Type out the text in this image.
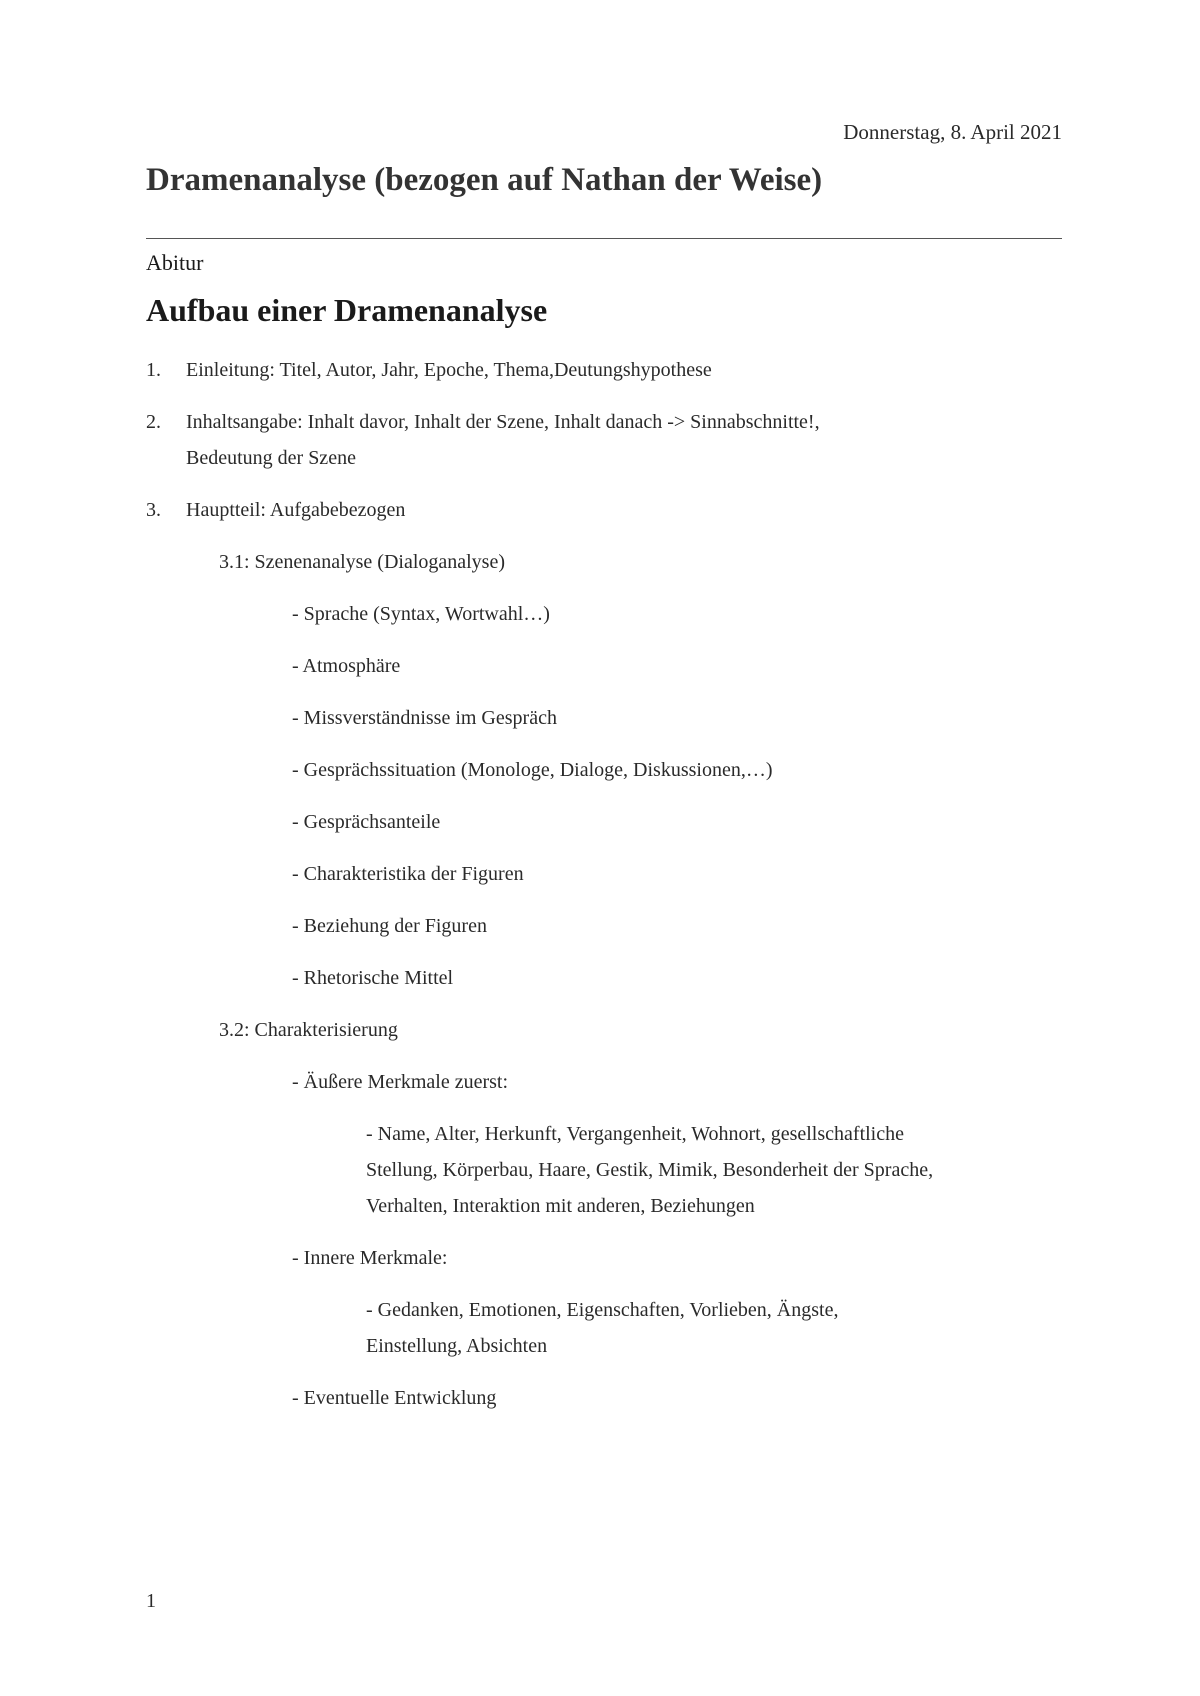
Donnerstag, 8. April 2021
Dramenanalyse (bezogen auf Nathan der Weise)
Abitur
Aufbau einer Dramenanalyse
1. Einleitung: Titel, Autor, Jahr, Epoche, Thema,Deutungshypothese
2. Inhaltsangabe: Inhalt davor, Inhalt der Szene, Inhalt danach -> Sinnabschnitte!,
Bedeutung der Szene
3. Hauptteil: Aufgabebezogen
3.1: Szenenanalyse (Dialoganalyse)
- Sprache (Syntax, Wortwahl…)
- Atmosphäre
- Missverständnisse im Gespräch
- Gesprächssituation (Monologe, Dialoge, Diskussionen,…)
- Gesprächsanteile
- Charakteristika der Figuren
- Beziehung der Figuren
- Rhetorische Mittel
3.2: Charakterisierung
- Äußere Merkmale zuerst:
- Name, Alter, Herkunft, Vergangenheit, Wohnort, gesellschaftliche
Stellung, Körperbau, Haare, Gestik, Mimik, Besonderheit der Sprache,
Verhalten, Interaktion mit anderen, Beziehungen
- Innere Merkmale:
- Gedanken, Emotionen, Eigenschaften, Vorlieben, Ängste,
Einstellung, Absichten
- Eventuelle Entwicklung
1
